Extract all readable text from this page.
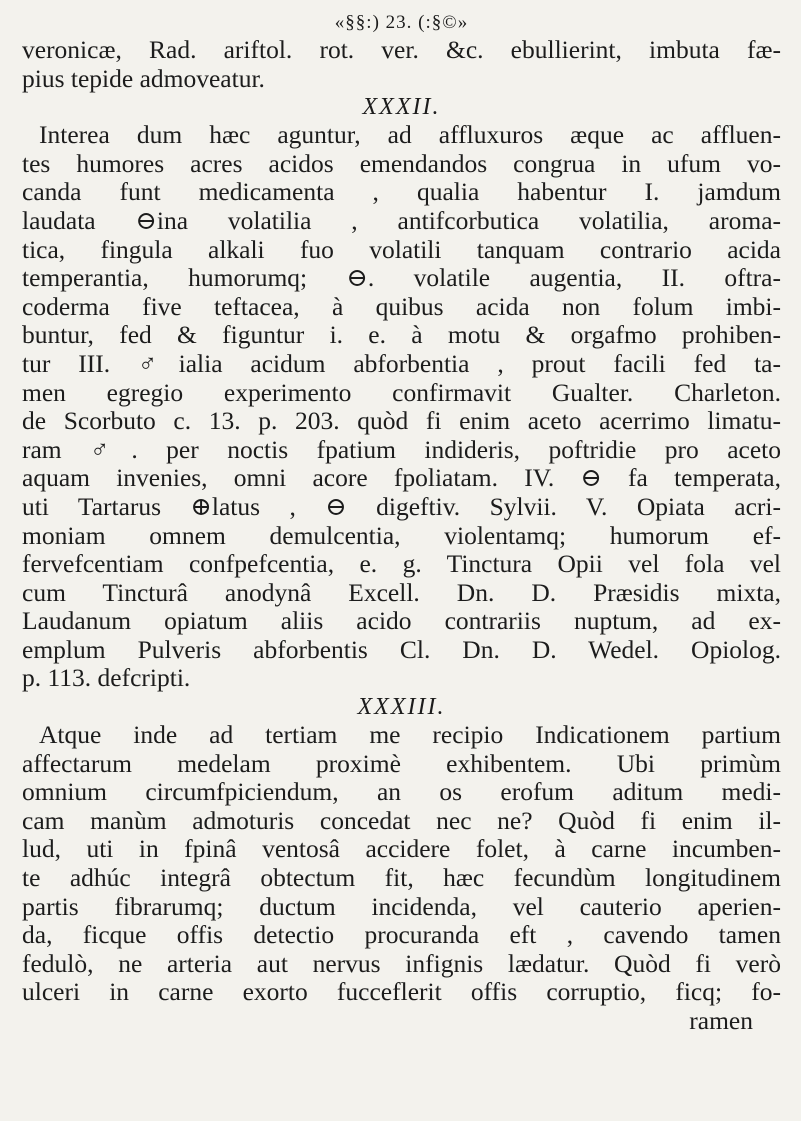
«§§:) 23. (:§©»
veronicæ, Rad. ariftol. rot. ver. &c. ebullierint, imbuta fæ-
pius tepide admoveatur.
XXXII.
Interea dum hæc aguntur, ad affluxuros æque ac affluen-
tes humores acres acidos emendandos congrua in ufum vo-
canda funt medicamenta , qualia habentur I. jamdum
laudata ⊖ina volatilia , antifcorbutica volatilia, aroma-
tica, fingula alkali fuo volatili tanquam contrario acida
temperantia, humorumq; ⊖. volatile augentia, II. oftra-
coderma five teftacea, à quibus acida non folum imbi-
buntur, fed & figuntur i. e. à motu & orgafmo prohiben-
tur III. ♂ialia acidum abforbentia , prout facili fed ta-
men egregio experimento confirmavit Gualter. Charleton.
de Scorbuto c. 13. p. 203. quòd fi enim aceto acerrimo limatu-
ram ♂. per noctis fpatium indideris, poftridie pro aceto
aquam invenies, omni acore fpoliatam. IV. ⊖ fa temperata,
uti Tartarus ⊕latus , ⊖ digeftiv. Sylvii. V. Opiata acri-
moniam omnem demulcentia, violentamq; humorum ef-
fervefcentiam confpefcentia, e. g. Tinctura Opii vel fola vel
cum Tincturâ anodynâ Excell. Dn. D. Præsidis mixta,
Laudanum opiatum aliis acido contrariis nuptum, ad ex-
emplum Pulveris abforbentis Cl. Dn. D. Wedel. Opiolog.
p. 113. defcripti.
XXXIII.
Atque inde ad tertiam me recipio Indicationem partium
affectarum medelam proximè exhibentem. Ubi primùm
omnium circumfpiciendum, an os erofum aditum medi-
cam manùm admoturis concedat nec ne? Quòd fi enim il-
lud, uti in fpinâ ventosâ accidere folet, à carne incumben-
te adhúc integrâ obtectum fit, hæc fecundùm longitudinem
partis fibrarumq; ductum incidenda, vel cauterio aperien-
da, ficque offis detectio procuranda eft , cavendo tamen
fedulò, ne arteria aut nervus infignis lædatur. Quòd fi verò
ulceri in carne exorto fucceflerit offis corruptio, ficq; fo-
ramen
